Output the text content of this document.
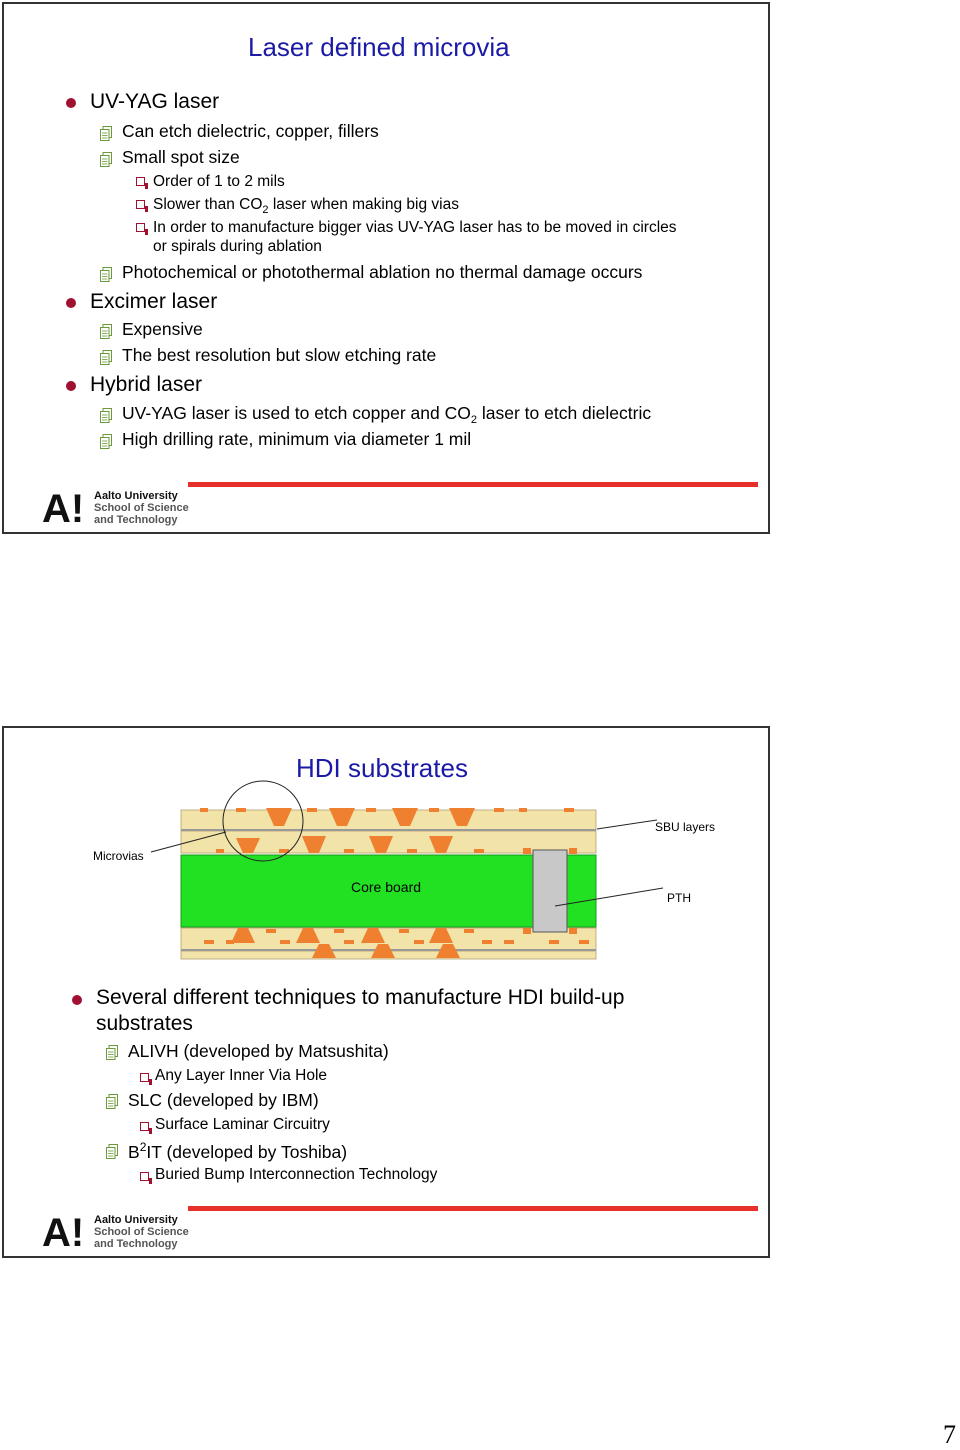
Laser defined microvia
UV-YAG laser
Can etch dielectric, copper, fillers
Small spot size
Order of 1 to 2 mils
Slower than $CO_2$ laser when making big vias
In order to manufacture bigger vias UV-YAG laser has to be moved in circles
or spirals during ablation
Photochemical or photothermal ablation no thermal damage occurs
Excimer laser
Expensive
The best resolution but slow etching rate
Hybrid laser
UV-YAG laser is used to etch copper and $CO_2$ laser to etch dielectric
High drilling rate, minimum via diameter 1 mil
A! Aalto University
School of Science
and Technology
HDI substrates
SBU layers
Microvias
Core board
PTH
Several different techniques to manufacture HDI build-up
substrates
ALIVH (developed by Matsushita)
Any Layer Inner Via Hole
SLC (developed by IBM)
Surface Laminar Circuitry
$B^2IT$ (developed by Toshiba)
Buried Bump Interconnection Technology
A! Aalto University
School of Science
and Technology
7
